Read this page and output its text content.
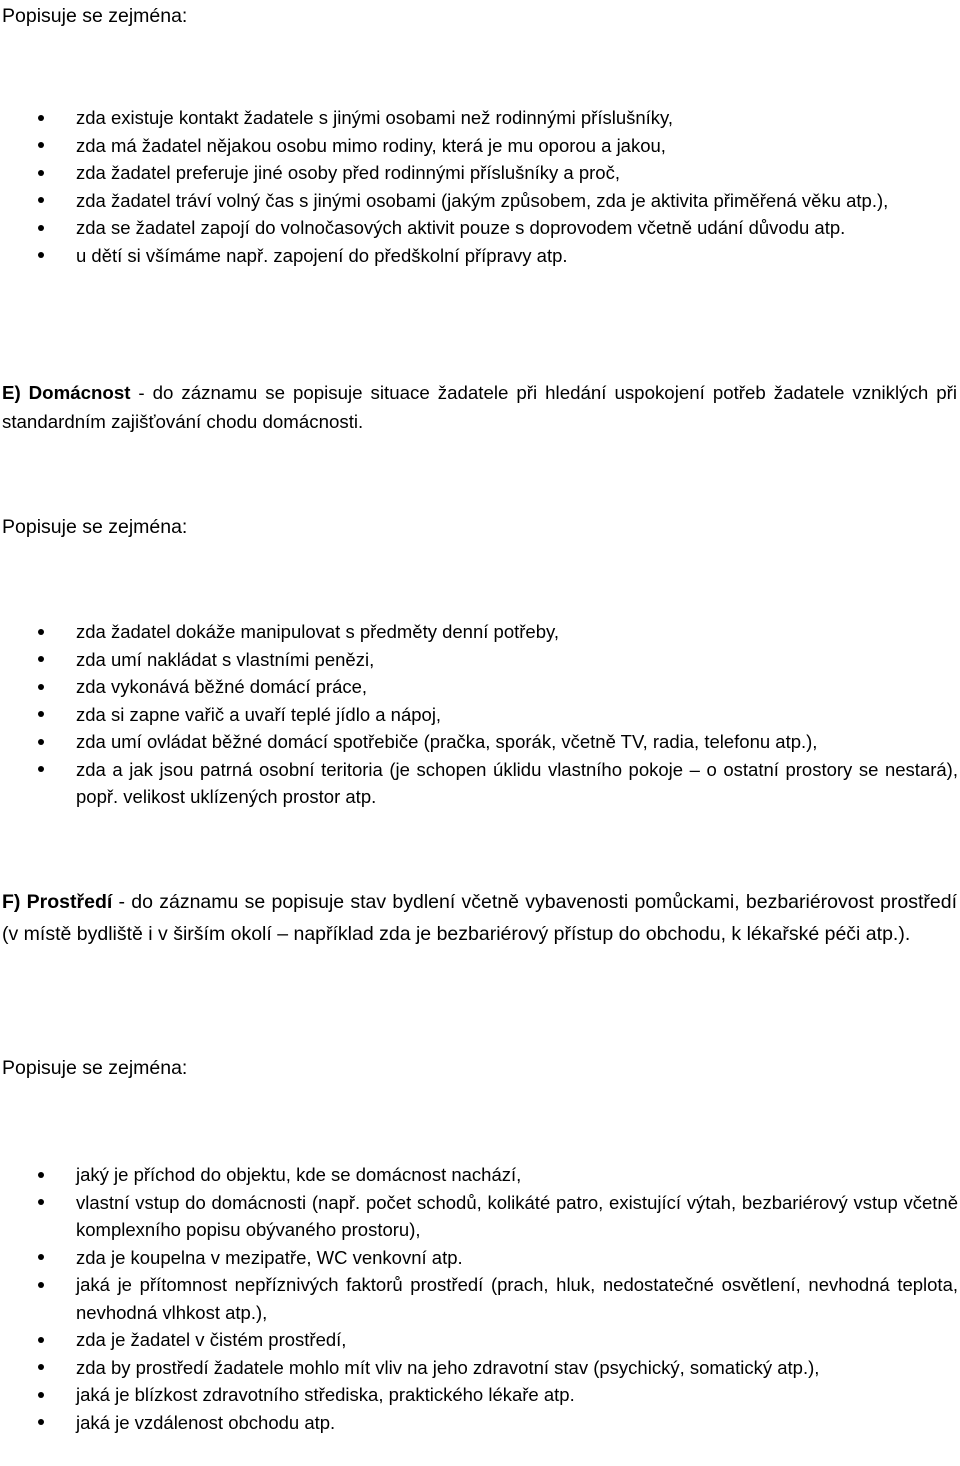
Popisuje se zejména:

zda existuje kontakt žadatele s jinými osobami než rodinnými příslušníky,
zda má žadatel nějakou osobu mimo rodiny, která je mu oporou a jakou,
zda žadatel preferuje jiné osoby před rodinnými příslušníky a proč,
zda žadatel tráví volný čas s jinými osobami (jakým způsobem, zda je aktivita přiměřená věku atp.),
zda se žadatel zapojí do volnočasových aktivit pouze s doprovodem včetně udání důvodu atp.
u dětí si všímáme např. zapojení do předškolní přípravy atp.

E) Domácnost - do záznamu se popisuje situace žadatele při hledání uspokojení potřeb žadatele vzniklých při standardním zajišťování chodu domácnosti.

Popisuje se zejména:

zda žadatel dokáže manipulovat s předměty denní potřeby,
zda umí nakládat s vlastními penězi,
zda vykonává běžné domácí práce,
zda si zapne vařič a uvaří teplé jídlo a nápoj,
zda umí ovládat běžné domácí spotřebiče (pračka, sporák, včetně TV, radia, telefonu atp.),
zda a jak jsou patrná osobní teritoria (je schopen úklidu vlastního pokoje – o ostatní prostory se nestará), popř. velikost uklízených prostor atp.

F) Prostředí - do záznamu se popisuje stav bydlení včetně vybavenosti pomůckami, bezbariérovost prostředí (v místě bydliště i v širším okolí – například zda je bezbariérový přístup do obchodu, k lékařské péči atp.).

Popisuje se zejména:

jaký je příchod do objektu, kde se domácnost nachází,
vlastní vstup do domácnosti (např. počet schodů, kolikáté patro, existující výtah, bezbariérový vstup včetně komplexního popisu obývaného prostoru),
zda je koupelna v mezipatře, WC venkovní atp.
jaká je přítomnost nepříznivých faktorů prostředí (prach, hluk, nedostatečné osvětlení, nevhodná teplota, nevhodná vlhkost atp.),
zda je žadatel v čistém prostředí,
zda by prostředí žadatele mohlo mít vliv na jeho zdravotní stav (psychický, somatický atp.),
jaká je blízkost zdravotního střediska, praktického lékaře atp.
jaká je vzdálenost obchodu atp.
